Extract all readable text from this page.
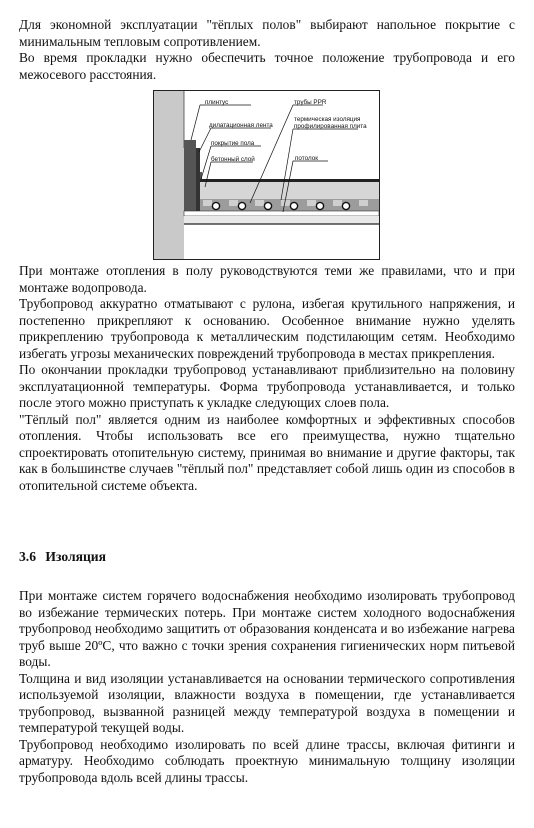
Для экономной эксплуатации "тёплых полов" выбирают напольное покрытие с минимальным тепловым сопротивлением.

Во время прокладки нужно обеспечить точное положение трубопровода и его межосевого расстояния.

плинтус
дилатационная лента
покрытие пола
бетонный слой
трубы PPR
термическая изоляция
профилированная плита
потолок

При монтаже отопления в полу руководствуются теми же правилами, что и при монтаже водопровода.

Трубопровод аккуратно отматывают с рулона, избегая крутильного напряжения, и постепенно прикрепляют к основанию. Особенное внимание нужно уделять прикреплению трубопровода к металлическим подстилающим сетям. Необходимо избегать угрозы механических повреждений трубопровода в местах прикрепления.

По окончании прокладки трубопровод устанавливают приблизительно на половину эксплуатационной температуры. Форма трубопровода устанавливается, и только после этого можно приступать к укладке следующих слоев пола.

"Тёплый пол" является одним из наиболее комфортных и эффективных способов отопления. Чтобы использовать все его преимущества, нужно тщательно спроектировать отопительную систему, принимая во внимание и другие факторы, так как в большинстве случаев "тёплый пол" представляет собой лишь один из способов в отопительной системе объекта.

3.6 Изоляция

При монтаже систем горячего водоснабжения необходимо изолировать трубопровод во избежание термических потерь. При монтаже систем холодного водоснабжения трубопровод необходимо защитить от образования конденсата и во избежание нагрева труб выше 20ºС, что важно с точки зрения сохранения гигиенических норм питьевой воды.

Толщина и вид изоляции устанавливается на основании термического сопротивления используемой изоляции, влажности воздуха в помещении, где устанавливается трубопровод, вызванной разницей между температурой воздуха в помещении и температурой текущей воды.

Трубопровод необходимо изолировать по всей длине трассы, включая фитинги и арматуру. Необходимо соблюдать проектную минимальную толщину изоляции трубопровода вдоль всей длины трассы.
